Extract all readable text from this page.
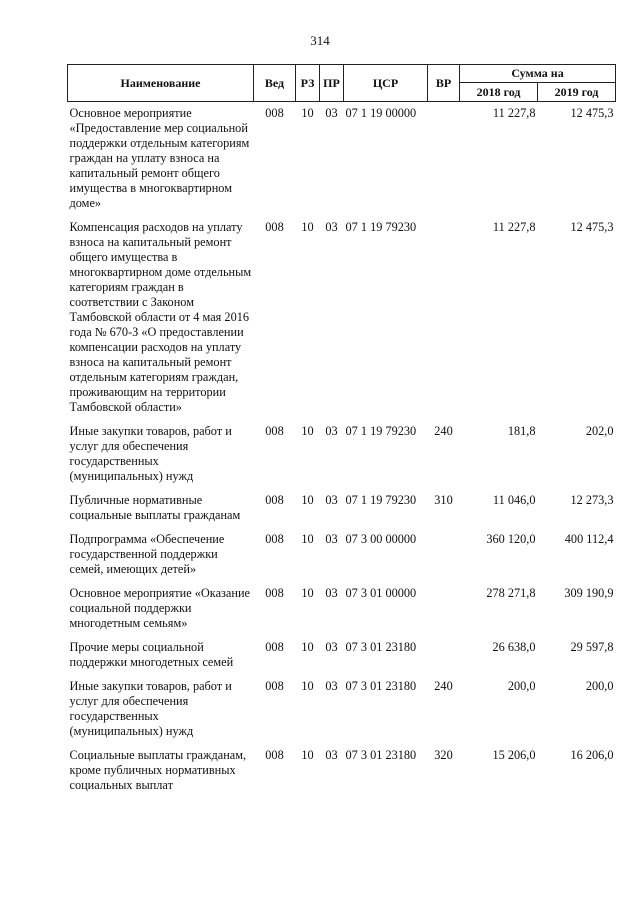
314
Наименование	Вед	РЗ	ПР	ЦСР	ВР	Сумма на	
						2018 год	2019 год
Основное мероприятие «Предоставление мер социальной поддержки отдельным категориям граждан на уплату взноса на капитальный ремонт общего имущества в многоквартирном доме»	008	10	03	07 1 19 00000		11 227,8	12 475,3
Компенсация расходов на уплату взноса на капитальный ремонт общего имущества в многоквартирном доме отдельным категориям граждан в соответствии с Законом Тамбовской области от 4 мая 2016 года № 670-З «О предоставлении компенсации расходов на уплату взноса на капитальный ремонт отдельным категориям граждан, проживающим на территории Тамбовской области»	008	10	03	07 1 19 79230		11 227,8	12 475,3
Иные закупки товаров, работ и услуг для обеспечения государственных (муниципальных) нужд	008	10	03	07 1 19 79230	240	181,8	202,0
Публичные нормативные социальные выплаты гражданам	008	10	03	07 1 19 79230	310	11 046,0	12 273,3
Подпрограмма «Обеспечение государственной поддержки семей, имеющих детей»	008	10	03	07 3 00 00000		360 120,0	400 112,4
Основное мероприятие «Оказание социальной поддержки многодетным семьям»	008	10	03	07 3 01 00000		278 271,8	309 190,9
Прочие меры социальной поддержки многодетных семей	008	10	03	07 3 01 23180		26 638,0	29 597,8
Иные закупки товаров, работ и услуг для обеспечения государственных (муниципальных) нужд	008	10	03	07 3 01 23180	240	200,0	200,0
Социальные выплаты гражданам, кроме публичных нормативных социальных выплат	008	10	03	07 3 01 23180	320	15 206,0	16 206,0
